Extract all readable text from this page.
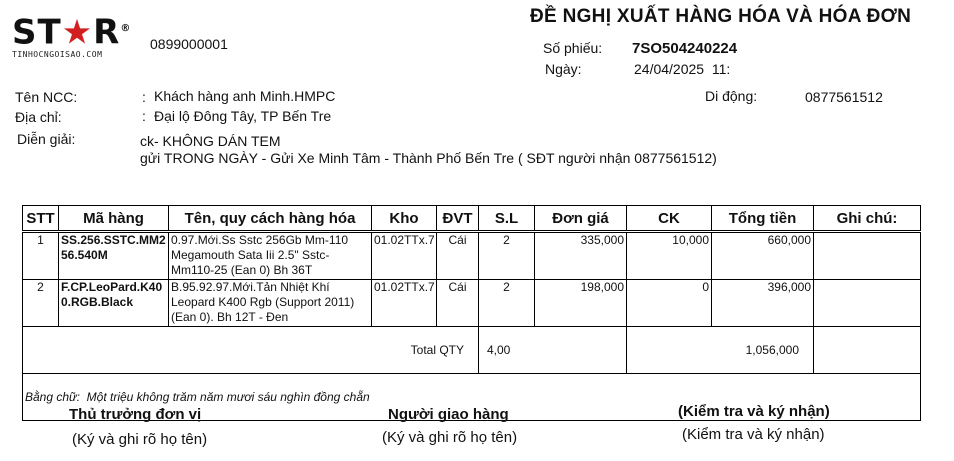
ST★R®
TINHOCNGOISAO.COM
0899000001
ĐỀ NGHỊ XUẤT HÀNG HÓA VÀ HÓA ĐƠN
Số phiếu: 7SO504240224
Ngày:	24/04/2025  11:
Tên NCC:	: Khách hàng anh Minh.HMPC
Địa chỉ:	: Đại lộ Đông Tây, TP Bến Tre
Diễn giải:	ck- KHÔNG DÁN TEM
gửi TRONG NGÀY - Gửi Xe Minh Tâm - Thành Phố Bến Tre ( SĐT người nhận 0877561512)
Di động:	0877561512
STT	Mã hàng	Tên, quy cách hàng hóa	Kho	ĐVT	S.L	Đơn giá	CK	Tổng tiền	Ghi chú:
1	SS.256.SSTC.MM256.540M	0.97.Mới.Ss Sstc 256Gb Mm-110 Megamouth Sata Iii 2.5" Sstc-Mm110-25 (Ean 0) Bh 36T	01.02TTx.7	Cái	2	335,000	10,000	660,000	
2	F.CP.LeoPard.K400.RGB.Black	B.95.92.97.Mới.Tản Nhiệt Khí Leopard K400 Rgb (Support 2011) (Ean 0). Bh 12T - Đen	01.02TTx.7	Cái	2	198,000	0	396,000	
Total QTY					4,00		1,056,000		
Bằng chữ: Một triệu không trăm năm mươi sáu nghìn đồng chẵn									
Thủ trưởng đơn vị
(Ký và ghi rõ họ tên)
Người giao hàng
(Ký và ghi rõ họ tên)
(Kiểm tra và ký nhận)
(Kiểm tra và ký nhận)
